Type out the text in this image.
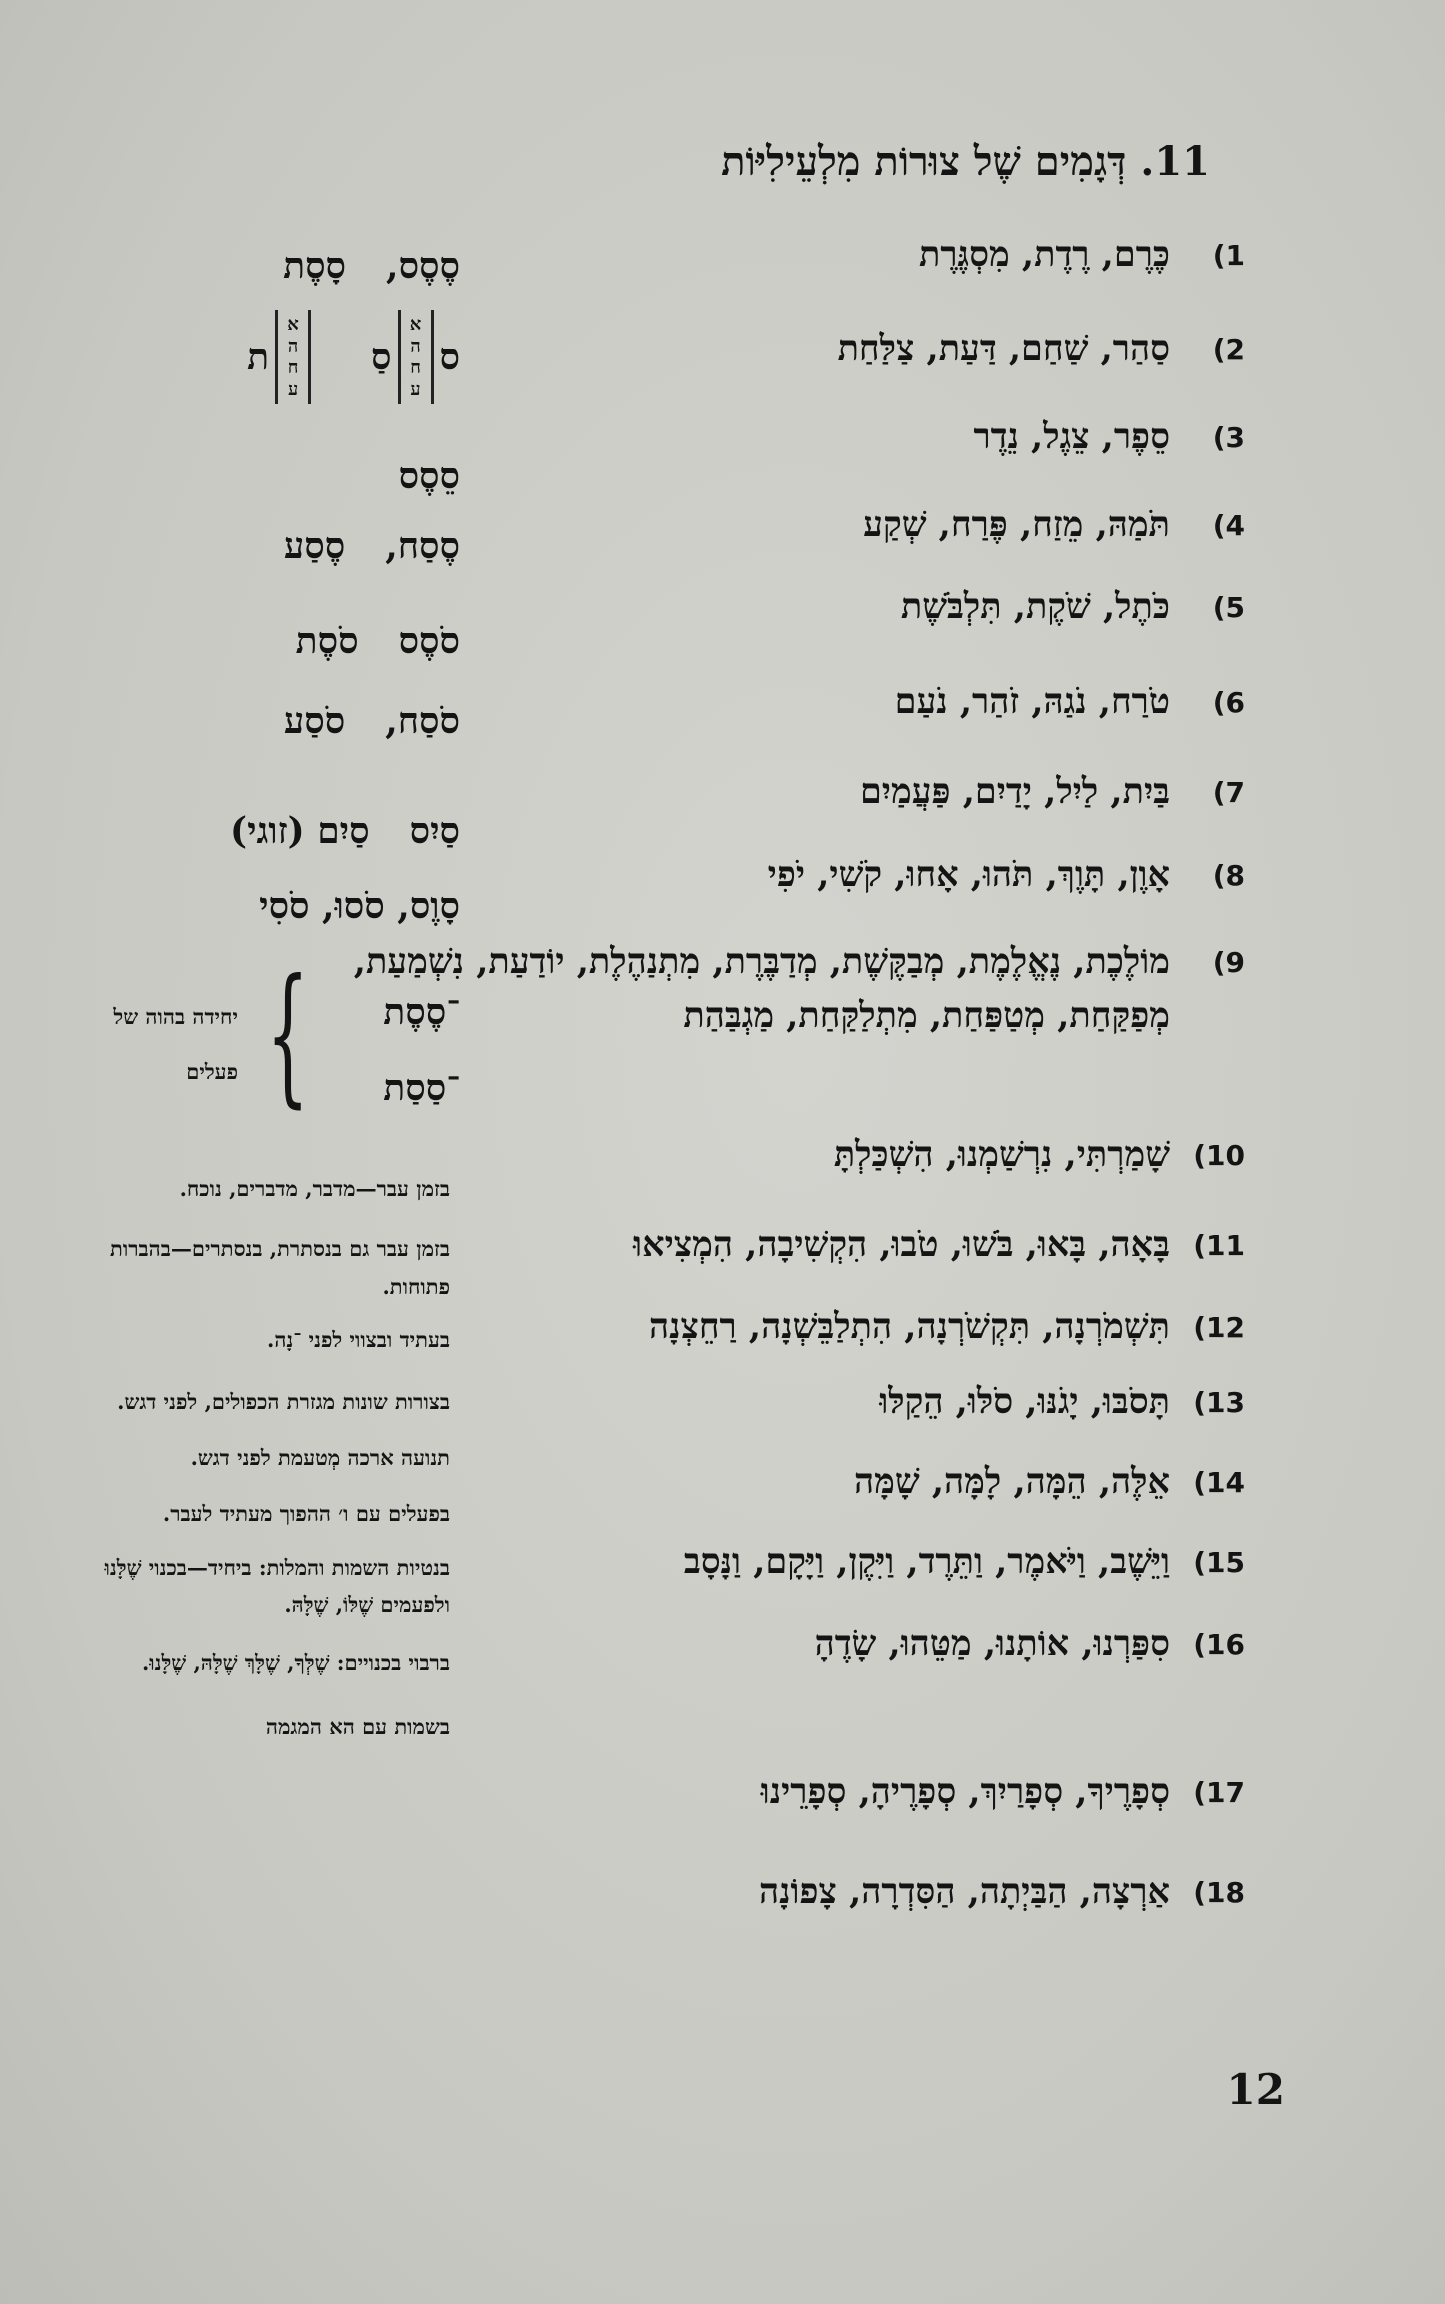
11.דְּגָמִים שֶׁל צוּרוֹת מִלְעֵילִיּוֹת
1)
כֶּרֶם, רֶדֶת, מִסְגֶּרֶת
2)
סַהַר, שַׁחַם, דַּעַת, צַלַּחַת
3)
סֵפֶר, צֵגֶל, נֵדֶר
4)
תֹּמַהּ, מֵזַח, פֶּרַח, שְׁקַע
5)
כֹּתֶל, שֹׁקֶת, תִּלְבֹּשֶׁת
6)
טֹרַח, נֹגַהּ, זֹהַר, נֹעַם
7)
בַּיִת, לַיִל, יָדַיִם, פַּעֲמַיִם
8)
אָוֶן, תָּוֶךְ, תֹּהוּ, אָחוּ, קֹשִׁי, יֹפִי
9)
מוֹלֶכֶת, נֶאֱלֶמֶת, מְבַקֶּשֶׁת, מְדַבֶּרֶת, מִתְנַהֶלֶת, יוֹדַעַת, נִשְׁמַעַת, מְפַקַּחַת, מְטַפַּחַת, מִתְלַקַּחַת, מַגְבַּהַת
10)
שָׁמַרְתִּי, נִרְשַׁמְנוּ, הִשְׁכַּלְתָּ
11)
בָּאָה, בָּאוּ, בֹּשׁוּ, טֹבוּ, הִקְשִׁיבָה, הִמְצִיאוּ
12)
תִּשְׁמֹרְנָה, תִּקְשֹׁרְנָה, הִתְלַבֵּשְׁנָה, רַחֵצְנָה
13)
תָּסֹבּוּ, יָגֹנּוּ, סֹלּוּ, הֵקַלּוּ
14)
אֵלֶּה, הֵמָּה, לָמָּה, שָׁמָּה
15)
וַיֵּשֶׁב, וַיֹּאמֶר, וַתֵּרֶד, וַיִּקֶן, וַיָּקָם, וַנָּסָב
16)
סִפַּרְנוּ, אוֹתָנוּ, מַטֵּהוּ, שָׂדֶהָ
17)
סְפָרֶיךָ, סְפָרַיִךְ, סְפָרֶיהָ, סְפָרֵינוּ
18)
אַרְצָה, הַבַּיְתָה, הַסִּדְרָה, צָפוֹנָה
סֶסֶס,סָסֶת
ס
א
ה
ח
ע
סַ
א
ה
ח
ע
ת
סֵסֶס
סֶסַח,סֶסַע
סֹסֶססֹסֶת
סֹסַח,סֹסַע
סַיִססַיִם (זוגי)
סָוֶס, סֹסוּ, סֹסִי
־סֶסֶת
־סַסַת
{
יחידה בהוה של פעלים
בזמן עבר—מדבר, מדברים, נוכח.
בזמן עבר גם בנסתרת, בנסתרים—בהברות פתוחות.
בעתיד ובצווי לפני ־נָה.
בצורות שונות מגזרת הכפולים, לפני דגש.
תנועה ארכה מְטעמת לפני דגש.
בפעלים עם ו׳ ההפוך מעתיד לעבר.
בנטיות השמות והמלות: ביחיד—בכנוי שֶׁלָּנוּ ולפעמים שֶׁלּוֹ, שֶׁלָּהּ.
ברבוי בכנויים: שֶׁלְּךָ, שֶׁלָּךְ שֶׁלָּהּ, שֶׁלָּנוּ.
בשמות עם הא המגמה
12
